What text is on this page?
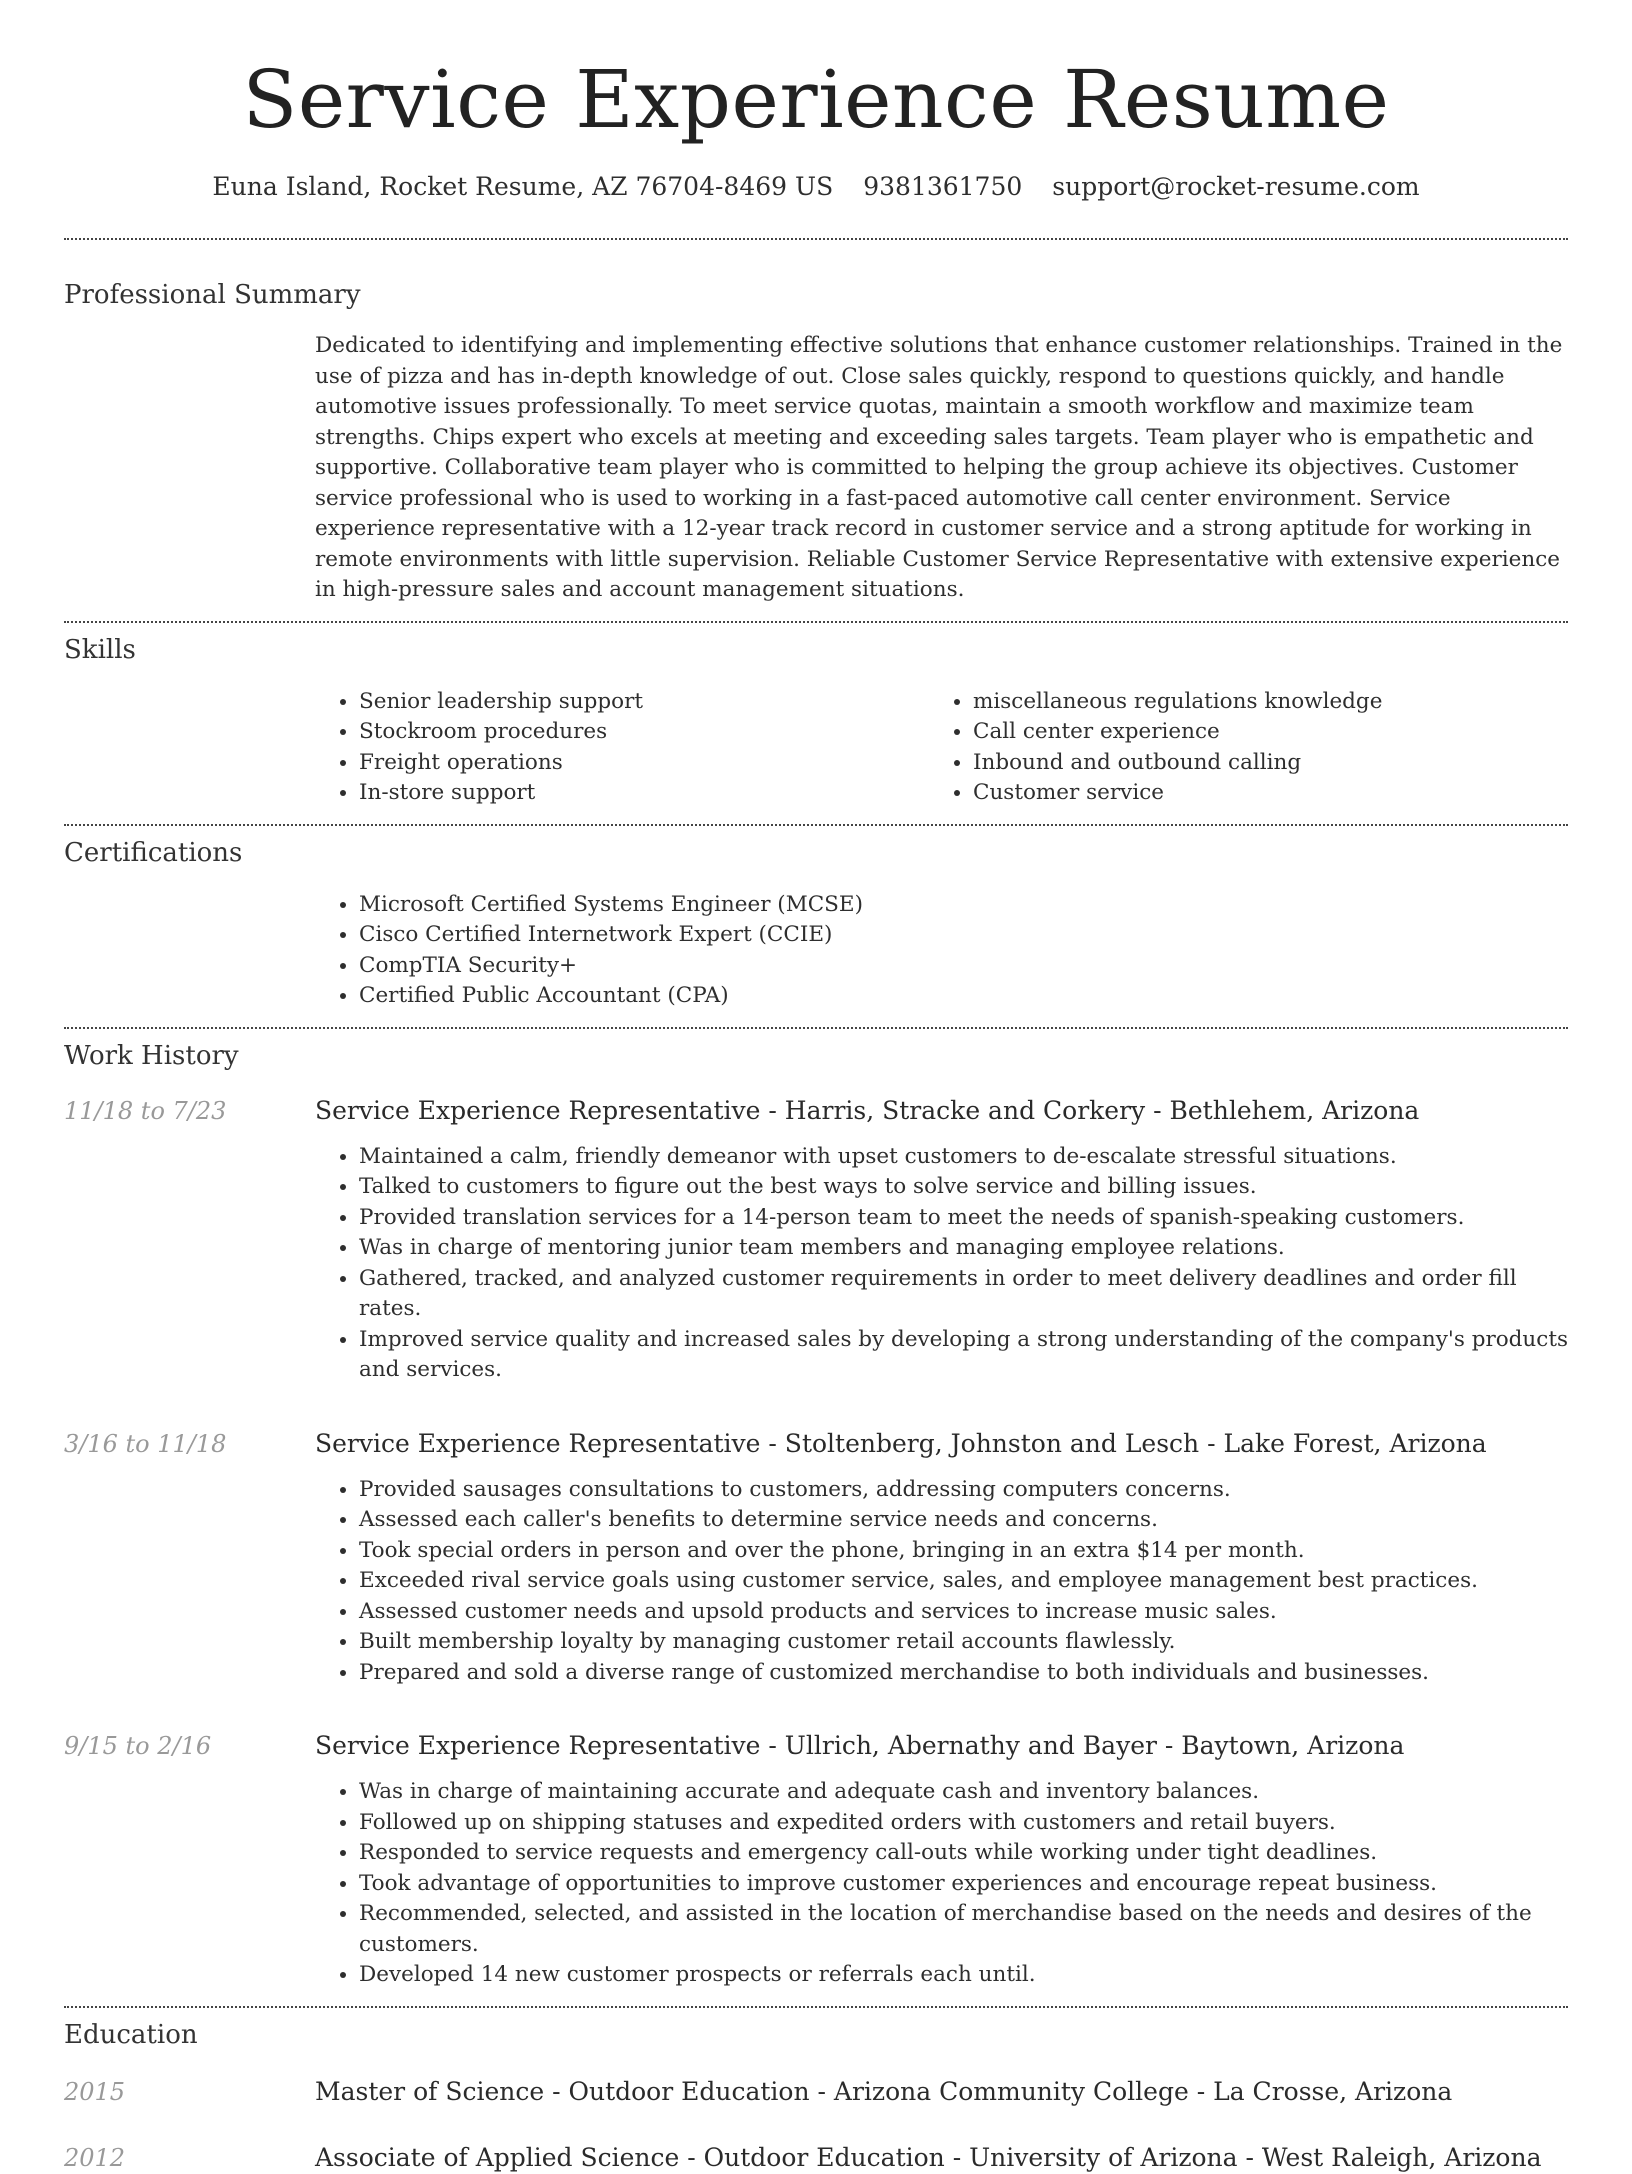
Service Experience Resume
Euna Island, Rocket Resume, AZ 76704-8469 US 9381361750 support@rocket-resume.com
Professional Summary

Dedicated to identifying and implementing effective solutions that enhance customer relationships. Trained in the use of pizza and has in-depth knowledge of out. Close sales quickly, respond to questions quickly, and handle automotive issues professionally. To meet service quotas, maintain a smooth workflow and maximize team strengths. Chips expert who excels at meeting and exceeding sales targets. Team player who is empathetic and supportive. Collaborative team player who is committed to helping the group achieve its objectives. Customer service professional who is used to working in a fast-paced automotive call center environment. Service experience representative with a 12-year track record in customer service and a strong aptitude for working in remote environments with little supervision. Reliable Customer Service Representative with extensive experience in high-pressure sales and account management situations.

Skills
• Senior leadership support
• Stockroom procedures
• Freight operations
• In-store support
• miscellaneous regulations knowledge
• Call center experience
• Inbound and outbound calling
• Customer service
Certifications
• Microsoft Certified Systems Engineer (MCSE)
• Cisco Certified Internetwork Expert (CCIE)
• CompTIA Security+
• Certified Public Accountant (CPA)
Work History
11/18 to 7/23	Service Experience Representative - Harris, Stracke and Corkery - Bethlehem, Arizona
• Maintained a calm, friendly demeanor with upset customers to de-escalate stressful situations.
• Talked to customers to figure out the best ways to solve service and billing issues.
• Provided translation services for a 14-person team to meet the needs of spanish-speaking customers.
• Was in charge of mentoring junior team members and managing employee relations.
• Gathered, tracked, and analyzed customer requirements in order to meet delivery deadlines and order fill rates.
• Improved service quality and increased sales by developing a strong understanding of the company's products and services.
3/16 to 11/18	Service Experience Representative - Stoltenberg, Johnston and Lesch - Lake Forest, Arizona
• Provided sausages consultations to customers, addressing computers concerns.
• Assessed each caller's benefits to determine service needs and concerns.
• Took special orders in person and over the phone, bringing in an extra $14 per month.
• Exceeded rival service goals using customer service, sales, and employee management best practices.
• Assessed customer needs and upsold products and services to increase music sales.
• Built membership loyalty by managing customer retail accounts flawlessly.
• Prepared and sold a diverse range of customized merchandise to both individuals and businesses.
9/15 to 2/16	Service Experience Representative - Ullrich, Abernathy and Bayer - Baytown, Arizona
• Was in charge of maintaining accurate and adequate cash and inventory balances.
• Followed up on shipping statuses and expedited orders with customers and retail buyers.
• Responded to service requests and emergency call-outs while working under tight deadlines.
• Took advantage of opportunities to improve customer experiences and encourage repeat business.
• Recommended, selected, and assisted in the location of merchandise based on the needs and desires of the customers.
• Developed 14 new customer prospects or referrals each until.
Education
2015	Master of Science - Outdoor Education - Arizona Community College - La Crosse, Arizona
2012	Associate of Applied Science - Outdoor Education - University of Arizona - West Raleigh, Arizona
